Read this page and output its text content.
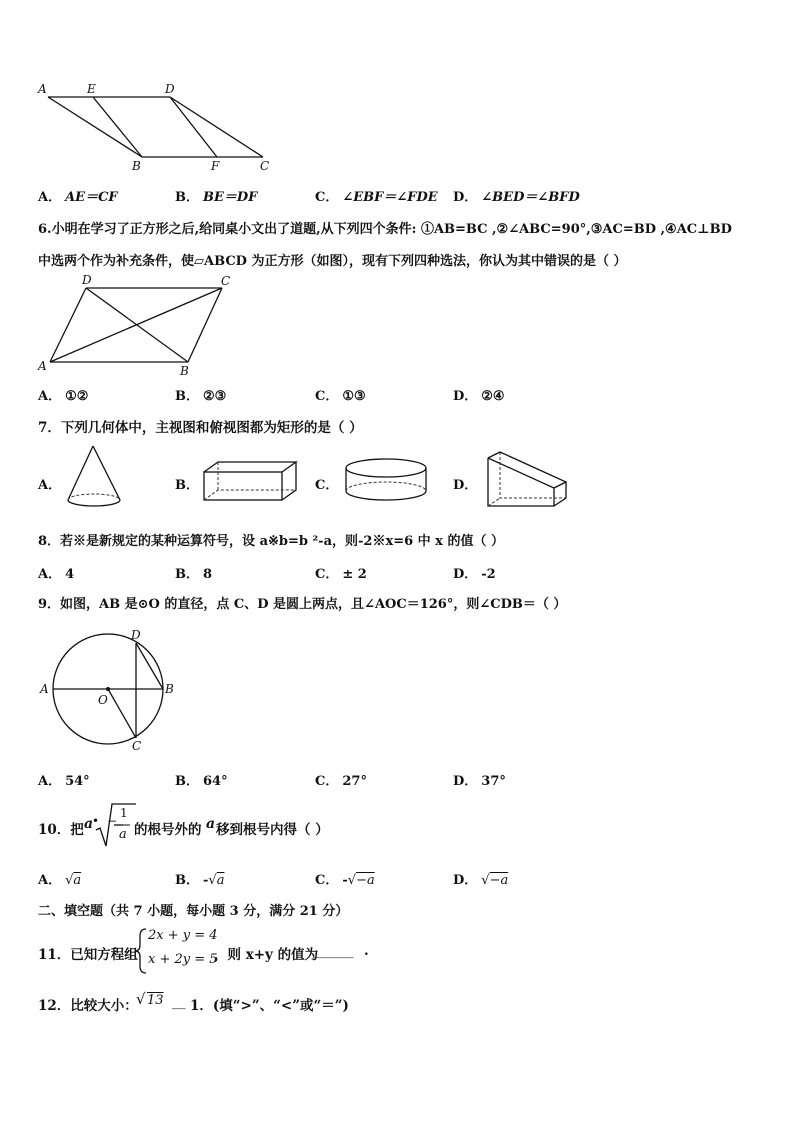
A	E	D
B	F	C
A． AE＝CF	B． BE＝DF	C． ∠EBF＝∠FDE D． ∠BED＝∠BFD
6.小明在学习了正方形之后,给同桌小文出了道题,从下列四个条件: ①AB=BC ,②∠ABC=90°,③AC=BD ,④AC⊥BD
中选两个作为补充条件，使▱ABCD 为正方形（如图），现有下列四种选法，你认为其中错误的是（ ）
D	C
A	B
A． ①②	B． ②③	C． ①③	D． ②④
7．下列几何体中，主视图和俯视图都为矩形的是（ ）
A．	B．	C．	D．
8．若※是新规定的某种运算符号，设 a※b=b ²-a，则-2※x=6 中 x 的值（ ）
A． 4	B． 8	C． ± 2	D． -2
9．如图，AB 是⊙O 的直径，点 C、D 是圆上两点，且∠AOC＝126°，则∠CDB＝（ ）
D
A	B
O
C
A． 54°	B． 64°	C． 27°	D． 37°
10．把 a
• −
1
a 的根号外的 a 移到根号内得（ ）
A． √a	B． -√a	C． -√−a	D． √−a
二、填空题（共 7 小题，每小题 3 分，满分 21 分）
11．已知方程组
2x + y = 4
x + 2y = 5
，则 x+y 的值为
______ .
12．比较大小：
√ 13 __ 1．(填“>”、“<”或“＝”)
